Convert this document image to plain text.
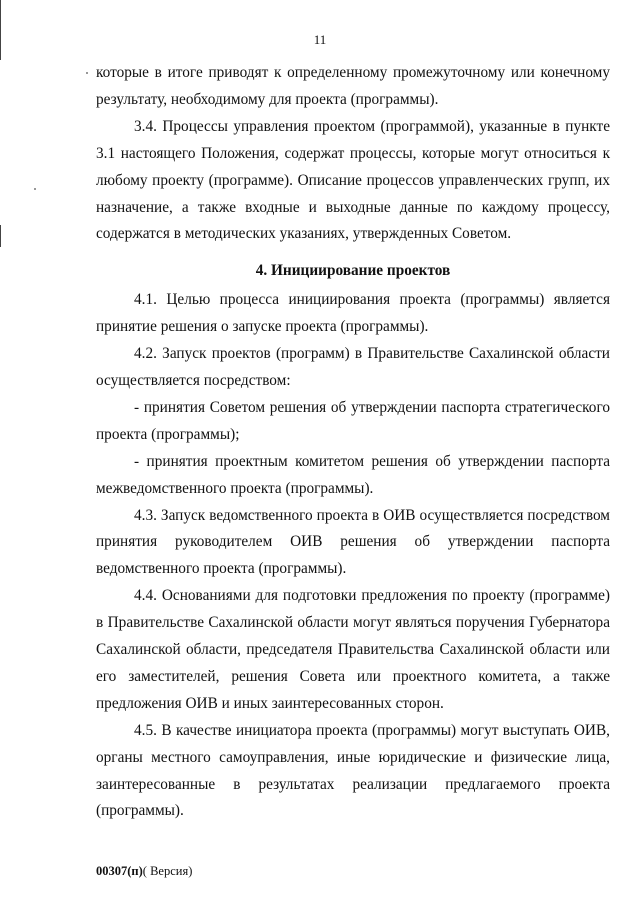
11

которые в итоге приводят к определенному промежуточному или конечному результату, необходимому для проекта (программы).

3.4. Процессы управления проектом (программой), указанные в пункте 3.1 настоящего Положения, содержат процессы, которые могут относиться к любому проекту (программе). Описание процессов управленческих групп, их назначение, а также входные и выходные данные по каждому процессу, содержатся в методических указаниях, утвержденных Советом.

4. Инициирование проектов

4.1. Целью процесса инициирования проекта (программы) является принятие решения о запуске проекта (программы).

4.2. Запуск проектов (программ) в Правительстве Сахалинской области осуществляется посредством:

- принятия Советом решения об утверждении паспорта стратегического проекта (программы);

- принятия проектным комитетом решения об утверждении паспорта межведомственного проекта (программы).

4.3. Запуск ведомственного проекта в ОИВ осуществляется посредством принятия руководителем ОИВ решения об утверждении паспорта ведомственного проекта (программы).

4.4. Основаниями для подготовки предложения по проекту (программе) в Правительстве Сахалинской области могут являться поручения Губернатора Сахалинской области, председателя Правительства Сахалинской области или его заместителей, решения Совета или проектного комитета, а также предложения ОИВ и иных заинтересованных сторон.

4.5. В качестве инициатора проекта (программы) могут выступать ОИВ, органы местного самоуправления, иные юридические и физические лица, заинтересованные в результатах реализации предлагаемого проекта (программы).

00307(п)( Версия)
